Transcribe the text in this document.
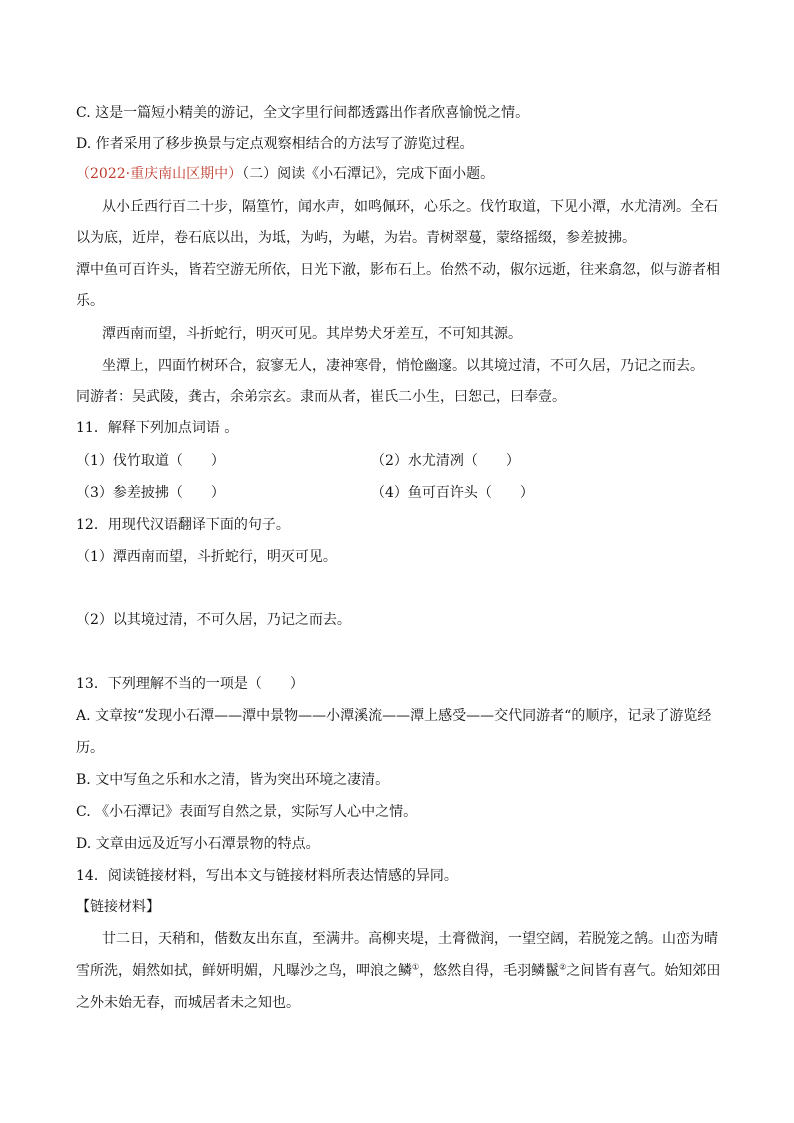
C. 这是一篇短小精美的游记，全文字里行间都透露出作者欣喜愉悦之情。
D. 作者采用了移步换景与定点观察相结合的方法写了游览过程。
（2022·重庆南山区期中）（二）阅读《小石潭记》，完成下面小题。
从小丘西行百二十步，隔篁竹，闻水声，如鸣佩环，心乐之。伐竹取道，下见小潭，水尤清冽。全石
以为底，近岸，卷石底以出，为坻，为屿，为嵁，为岩。青树翠蔓，蒙络摇缀，参差披拂。
潭中鱼可百许头，皆若空游无所依，日光下澈，影布石上。佁然不动，俶尔远逝，往来翕忽，似与游者相
乐。
潭西南而望，斗折蛇行，明灭可见。其岸势犬牙差互，不可知其源。
坐潭上，四面竹树环合，寂寥无人，凄神寒骨，悄怆幽邃。以其境过清，不可久居，乃记之而去。
同游者：吴武陵，龚古，余弟宗玄。隶而从者，崔氏二小生，曰恕己，曰奉壹。
11．解释下列加点词语 。
（1）伐竹取道（　　）	（2）水尤清冽（　　）
（3）参差披拂（　　）	（4）鱼可百许头（　　）
12．用现代汉语翻译下面的句子。
（1）潭西南而望，斗折蛇行，明灭可见。
（2）以其境过清，不可久居，乃记之而去。
13．下列理解不当的一项是（　　）
A. 文章按“发现小石潭——潭中景物——小潭溪流——潭上感受——交代同游者“的顺序，记录了游览经
历。
B. 文中写鱼之乐和水之清，皆为突出环境之凄清。
C. 《小石潭记》表面写自然之景，实际写人心中之情。
D. 文章由远及近写小石潭景物的特点。
14．阅读链接材料，写出本文与链接材料所表达情感的异同。
【链接材料】
廿二日，天稍和，偕数友出东直，至满井。高柳夹堤，土膏微润，一望空阔，若脱笼之鹄。山峦为晴
雪所洗，娟然如拭，鲜妍明媚，凡曝沙之鸟，呷浪之鳞①，悠然自得，毛羽鳞鬣②之间皆有喜气。始知郊田
之外未始无春，而城居者未之知也。
